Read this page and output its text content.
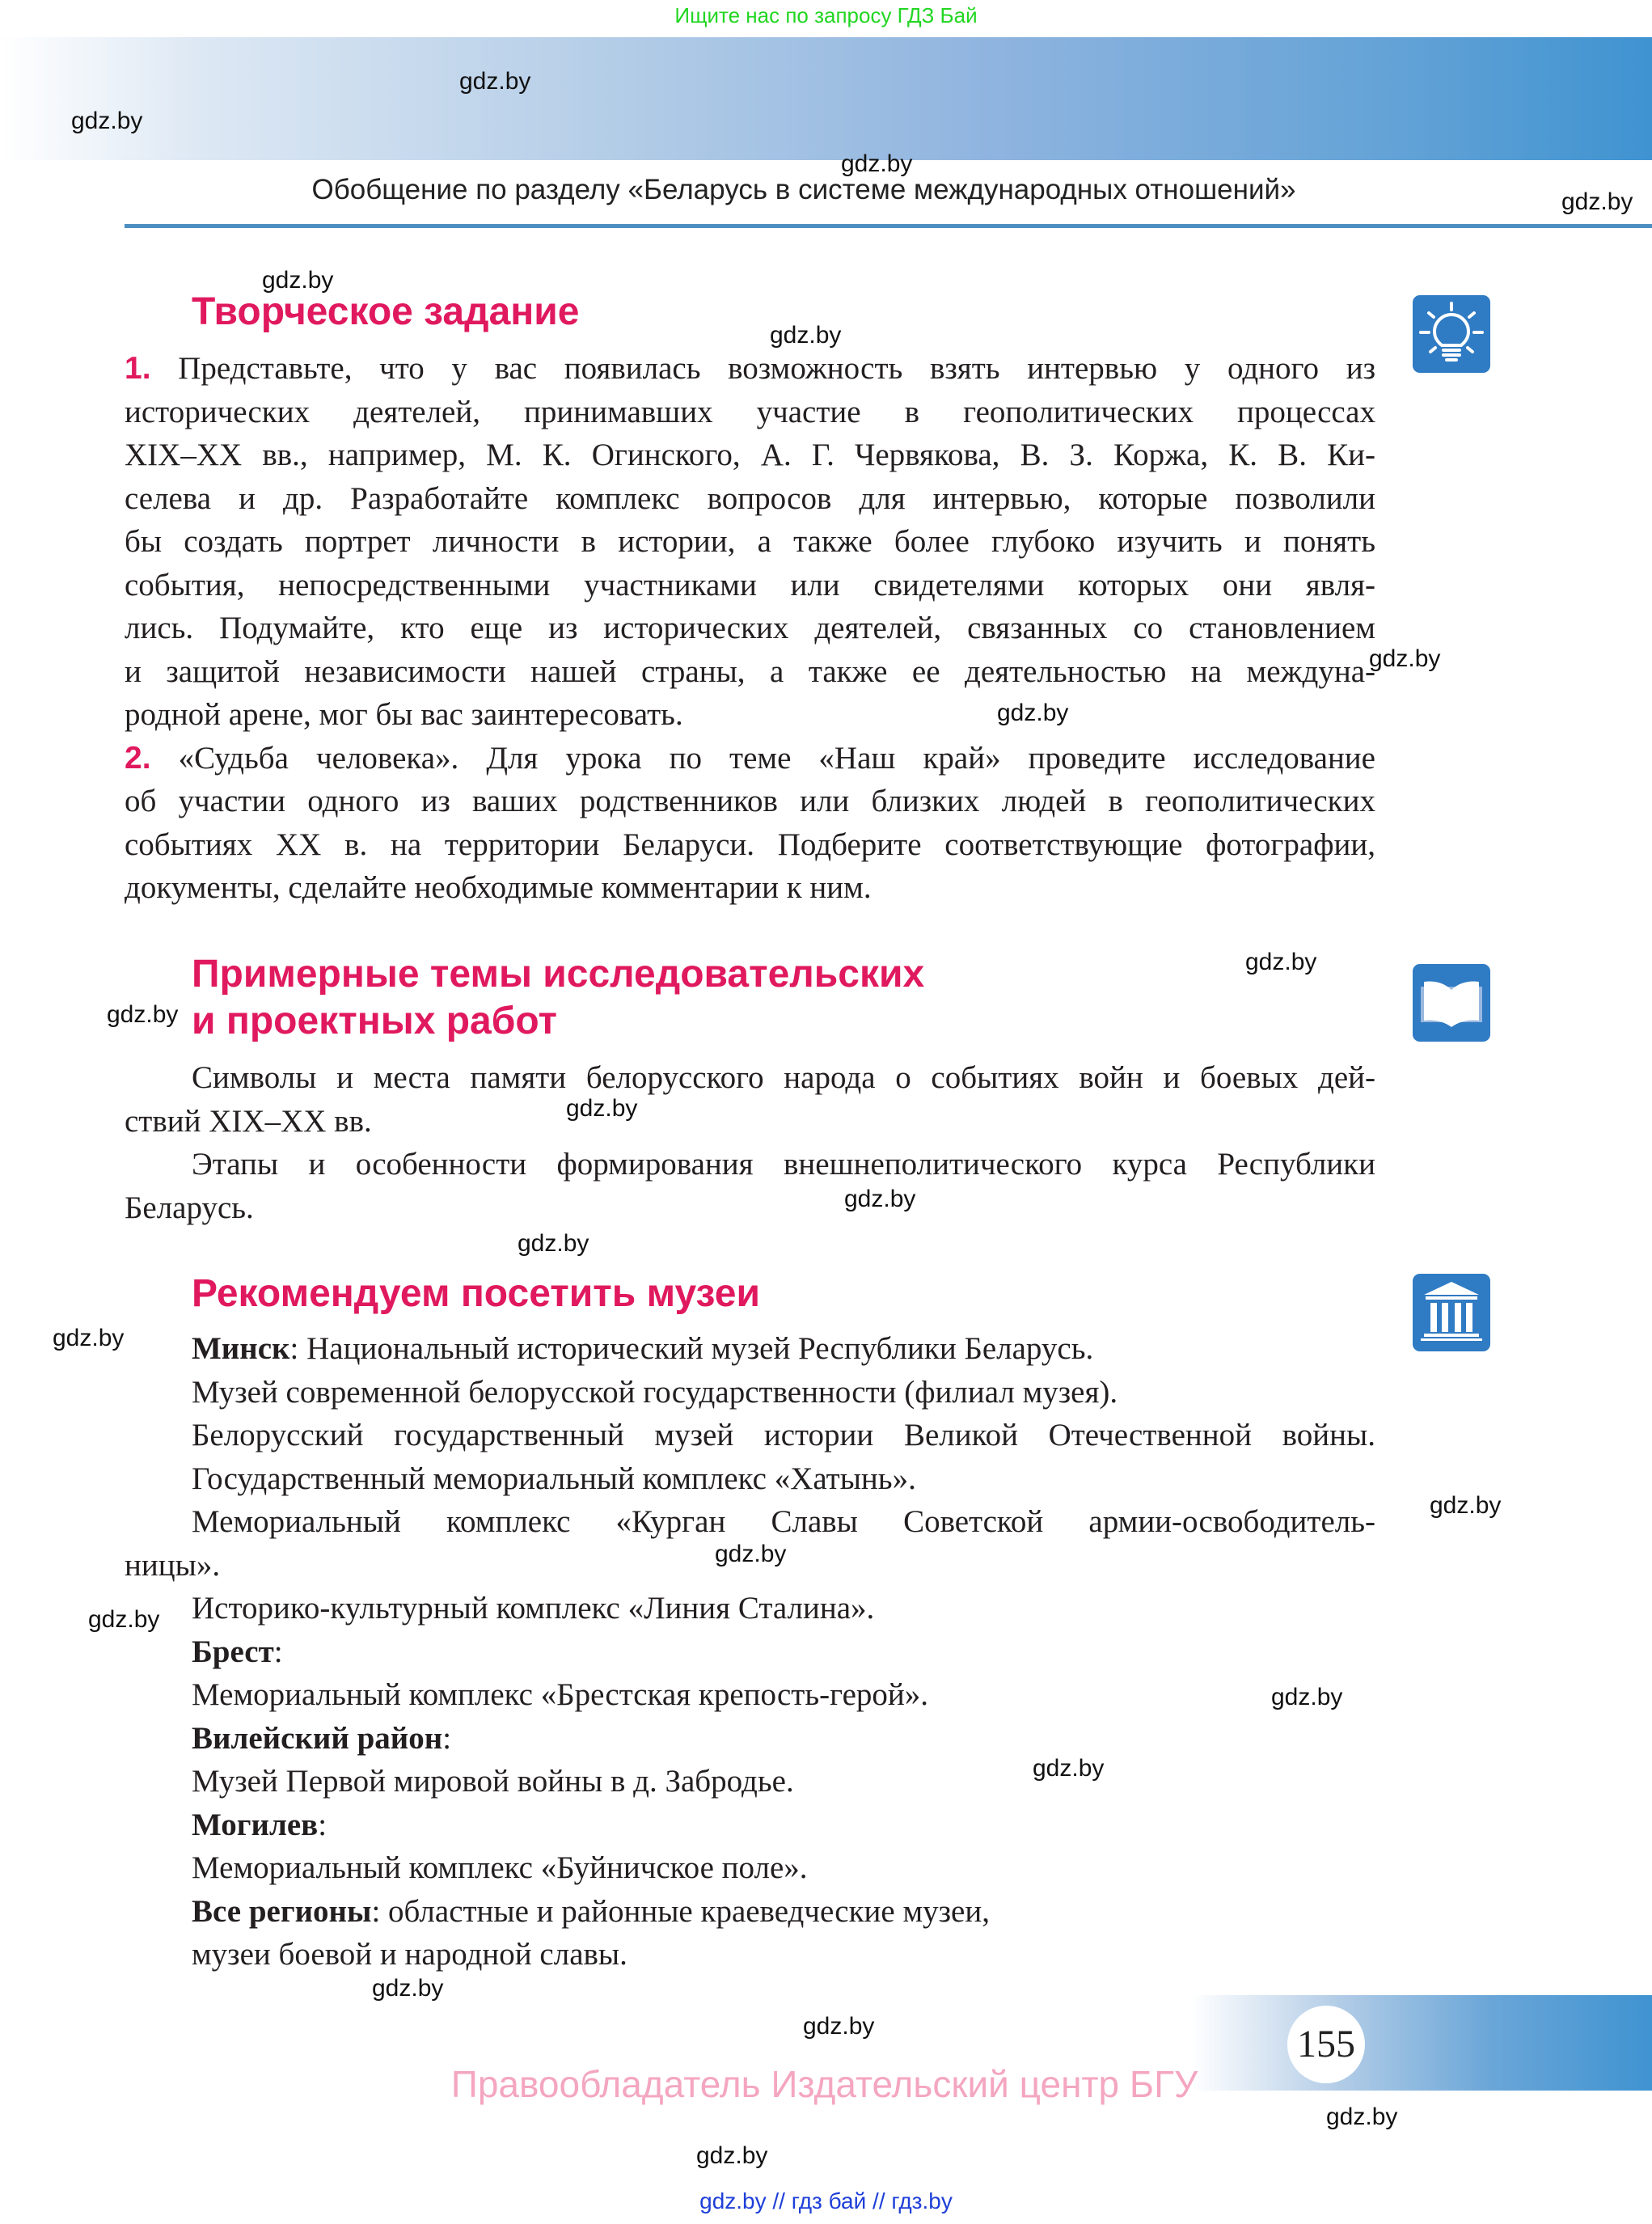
Ищите нас по запросу ГДЗ Бай
Обобщение по разделу «Беларусь в системе международных отношений»
Творческое задание
1. Представьте, что у вас появилась возможность взять интервью у одного из
исторических деятелей, принимавших участие в геополитических процессах
XIX–XX вв., например, М. К. Огинского, А. Г. Червякова, В. З. Коржа, К. В. Ки-
селева и др. Разработайте комплекс вопросов для интервью, которые позволили
бы создать портрет личности в истории, а также более глубоко изучить и понять
события, непосредственными участниками или свидетелями которых они явля-
лись. Подумайте, кто еще из исторических деятелей, связанных со становлением
и защитой независимости нашей страны, а также ее деятельностью на междуна-
родной арене, мог бы вас заинтересовать.
2. «Судьба человека». Для урока по теме «Наш край» проведите исследование
об участии одного из ваших родственников или близких людей в геополитических
событиях XX в. на территории Беларуси. Подберите соответствующие фотографии,
документы, сделайте необходимые комментарии к ним.
Примерные темы исследовательских
и проектных работ
Символы и места памяти белорусского народа о событиях войн и боевых дей-
ствий XIX–XX вв.
Этапы и особенности формирования внешнеполитического курса Республики
Беларусь.
Рекомендуем посетить музеи
Минск: Национальный исторический музей Республики Беларусь.
Музей современной белорусской государственности (филиал музея).
Белорусский государственный музей истории Великой Отечественной войны.
Государственный мемориальный комплекс «Хатынь».
Мемориальный комплекс «Курган Славы Советской армии-освободитель-
ницы».
Историко-культурный комплекс «Линия Сталина».
Брест:
Мемориальный комплекс «Брестская крепость-герой».
Вилейский район:
Музей Первой мировой войны в д. Забродье.
Могилев:
Мемориальный комплекс «Буйничское поле».
Все регионы: областные и районные краеведческие музеи,
музеи боевой и народной славы.
155
Правообладатель Издательский центр БГУ
gdz.by // гдз бай // гдз.by
gdz.by
gdz.by
gdz.by
gdz.by
gdz.by
gdz.by
gdz.by
gdz.by
gdz.by
gdz.by
gdz.by
gdz.by
gdz.by
gdz.by
gdz.by
gdz.by
gdz.by
gdz.by
gdz.by
gdz.by
gdz.by
gdz.by
gdz.by
